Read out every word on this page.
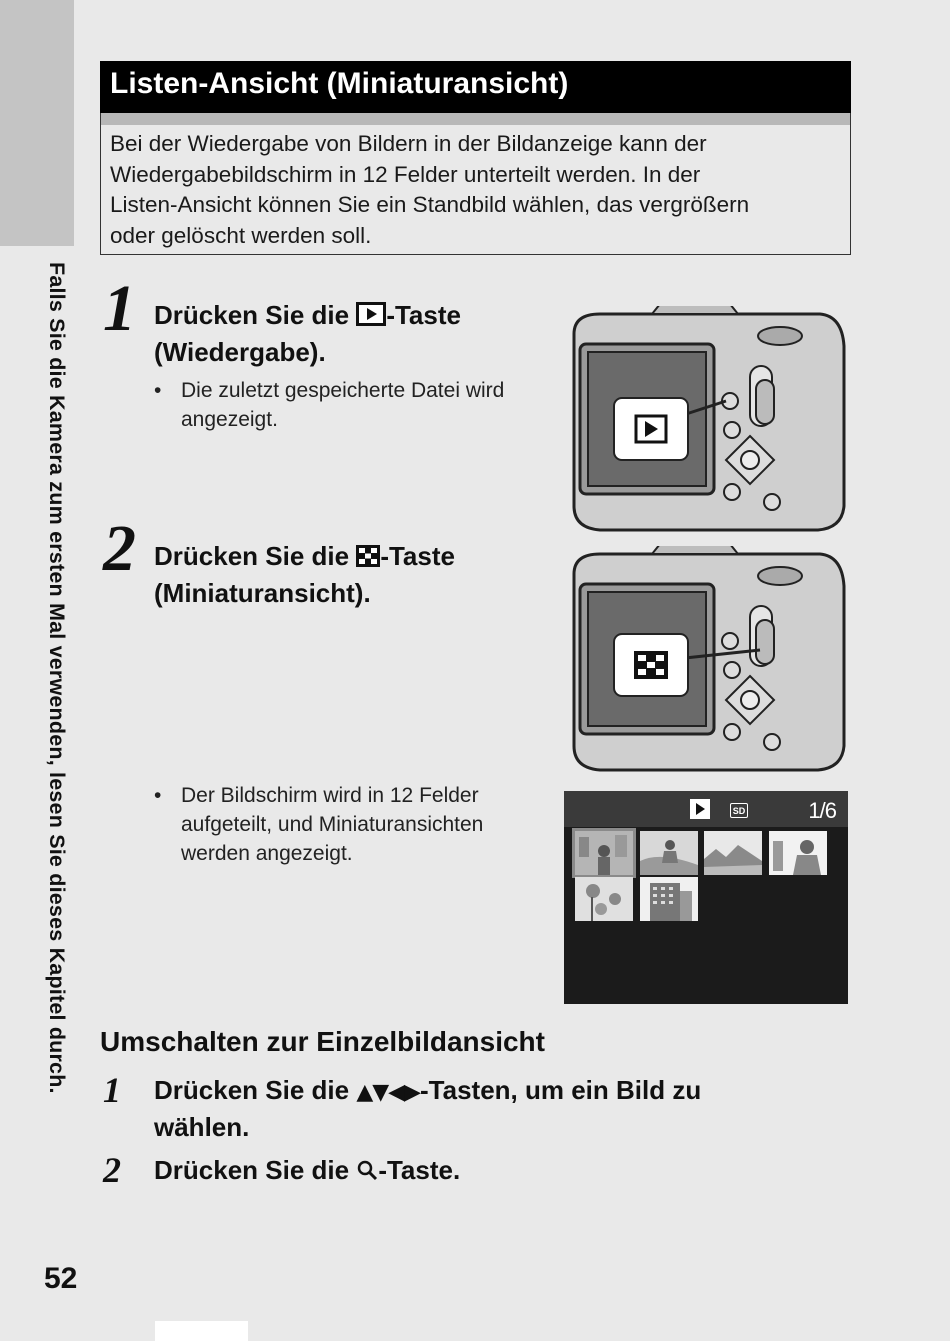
Falls Sie die Kamera zum ersten Mal verwenden, lesen Sie dieses Kapitel durch.
52
Listen-Ansicht (Miniaturansicht)
Bei der Wiedergabe von Bildern in der Bildanzeige kann der
Wiedergabebildschirm in 12 Felder unterteilt werden. In der
Listen-Ansicht können Sie ein Standbild wählen, das vergrößern
oder gelöscht werden soll.
1 Drücken Sie die -Taste
(Wiedergabe).
• Die zuletzt gespeicherte Datei wird
angezeigt.
2 Drücken Sie die -Taste
(Miniaturansicht).
• Der Bildschirm wird in 12 Felder
aufgeteilt, und Miniaturansichten
werden angezeigt.
SD	1/6
Umschalten zur Einzelbildansicht
1 Drücken Sie die ▲▼◀▶-Tasten, um ein Bild zu
wählen.
2 Drücken Sie die -Taste.
